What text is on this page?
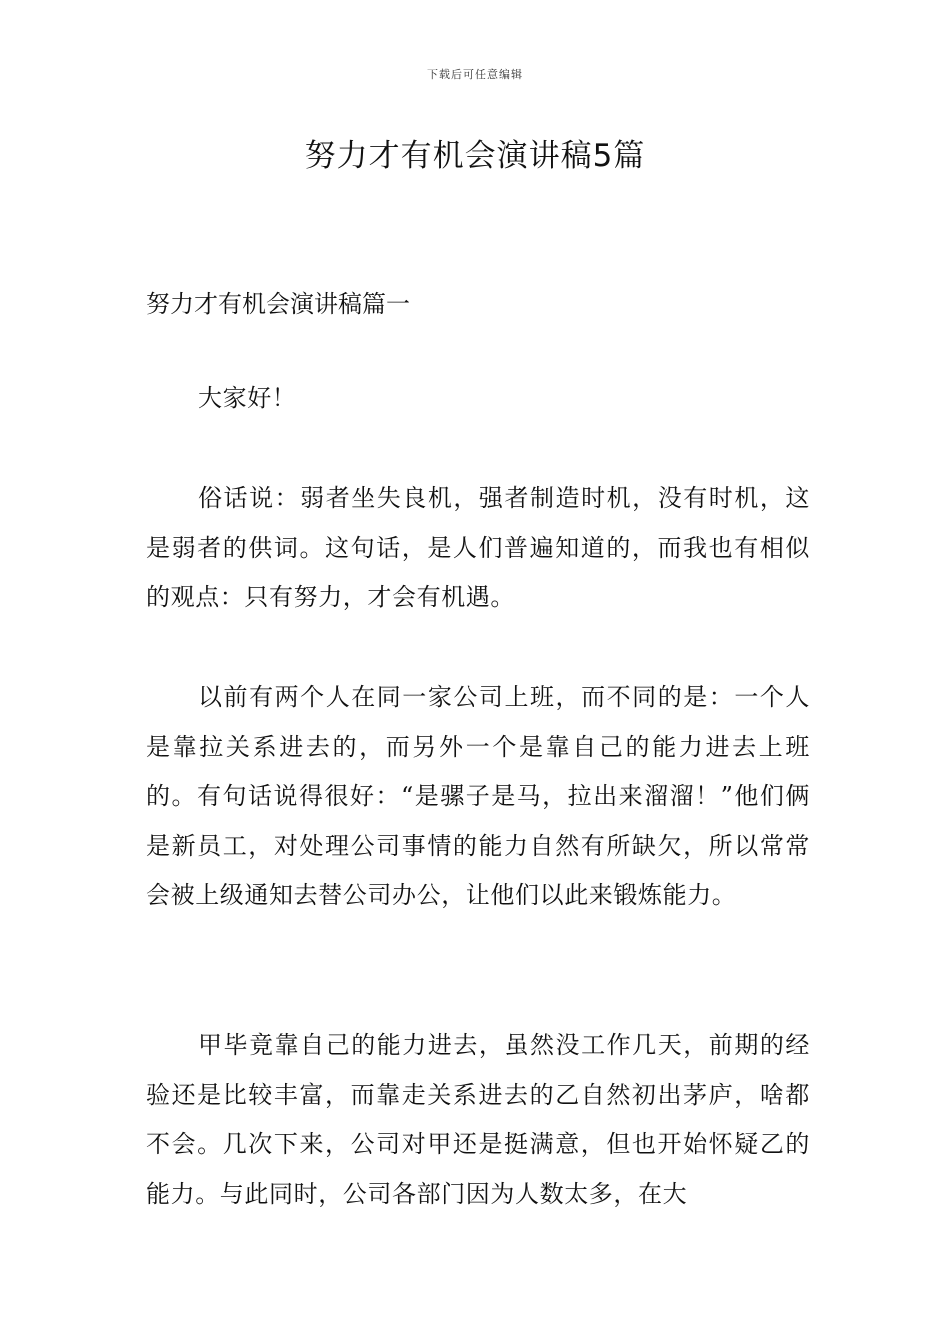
下载后可任意编辑
努力才有机会演讲稿5篇
努力才有机会演讲稿篇一

大家好！

俗话说：弱者坐失良机，强者制造时机，没有时机，这是弱者的供词。这句话，是人们普遍知道的，而我也有相似的观点：只有努力，才会有机遇。

以前有两个人在同一家公司上班，而不同的是：一个人是靠拉关系进去的，而另外一个是靠自己的能力进去上班的。有句话说得很好：“是骡子是马，拉出来溜溜！”他们俩是新员工，对处理公司事情的能力自然有所缺欠，所以常常会被上级通知去替公司办公，让他们以此来锻炼能力。

甲毕竟靠自己的能力进去，虽然没工作几天，前期的经验还是比较丰富，而靠走关系进去的乙自然初出茅庐，啥都不会。几次下来，公司对甲还是挺满意，但也开始怀疑乙的能力。与此同时，公司各部门因为人数太多，在大
